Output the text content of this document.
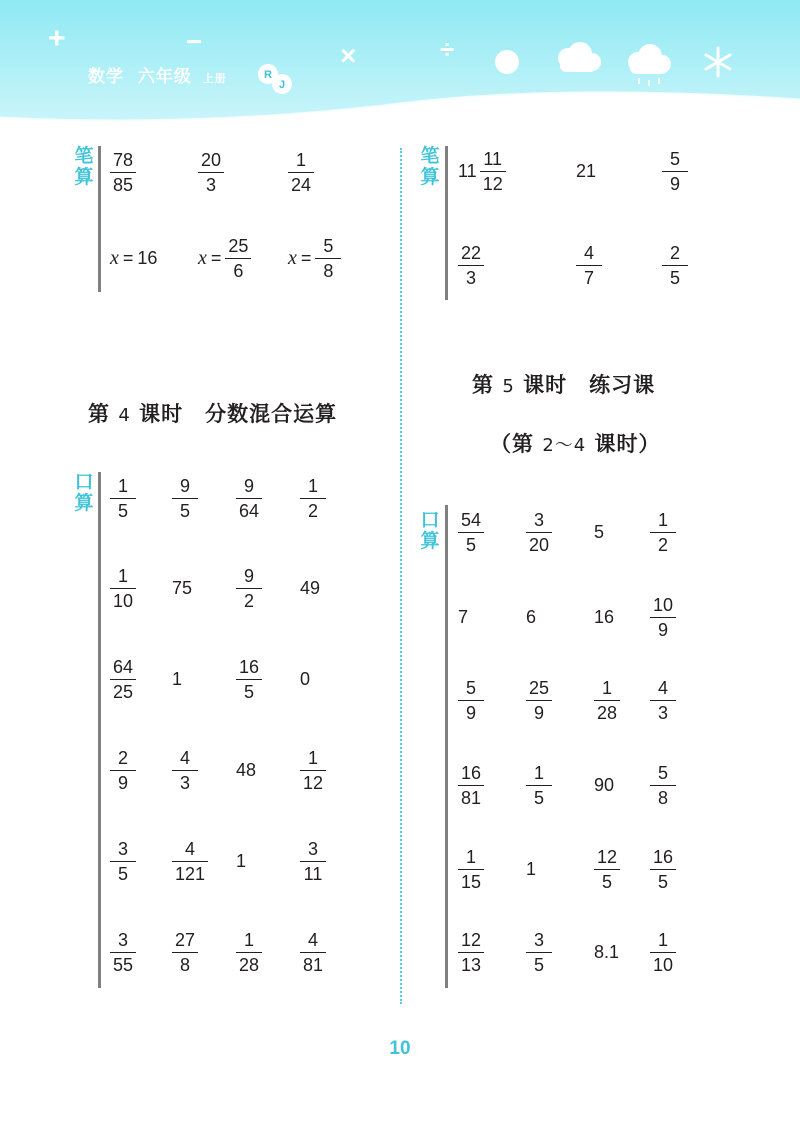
+	−	×	÷
数学 六年级 上册	R
J
笔
算 $\frac{78}{85}$	$\frac{20}{3}$	$\frac{1}{24}$
x = 16 $x = \frac{25}{6}$ $x = \frac{5}{8}$
第 4 课时　分数混合运算
口
算 $\frac{1}{5} \frac{9}{5} \frac{9}{64} \frac{1}{2}$
$\frac{1}{10} 75 \frac{9}{2} 49$
$\frac{64}{25} 1$	$\frac{16}{5} 0$
$\frac{2}{9} \frac{4}{3} 48 \frac{1}{12}$
$\frac{3}{5} \frac{4}{121} 1$	$\frac{3}{11}$
$\frac{3}{55} \frac{27}{8} \frac{1}{28} \frac{4}{81}$
笔
算 $11 \frac{11}{12}$	21	$\frac{5}{9}$
$\frac{22}{3}$	$\frac{4}{7}$	$\frac{2}{5}$
第 5 课时　练习课
（第 2～4 课时）
口
算 $\frac{54}{5} \frac{3}{20} 5$	$\frac{1}{2}$
7	6	$16 \frac{10}{9}$
$\frac{5}{9} \frac{25}{9} \frac{1}{28} \frac{4}{3}$
$\frac{16}{81} \frac{1}{5} 90 \frac{5}{8}$
$\frac{1}{15} 1$	$\frac{12}{5} \frac{16}{5}$
$\frac{12}{13} \frac{3}{5} 8.1 \frac{1}{10}$
10
